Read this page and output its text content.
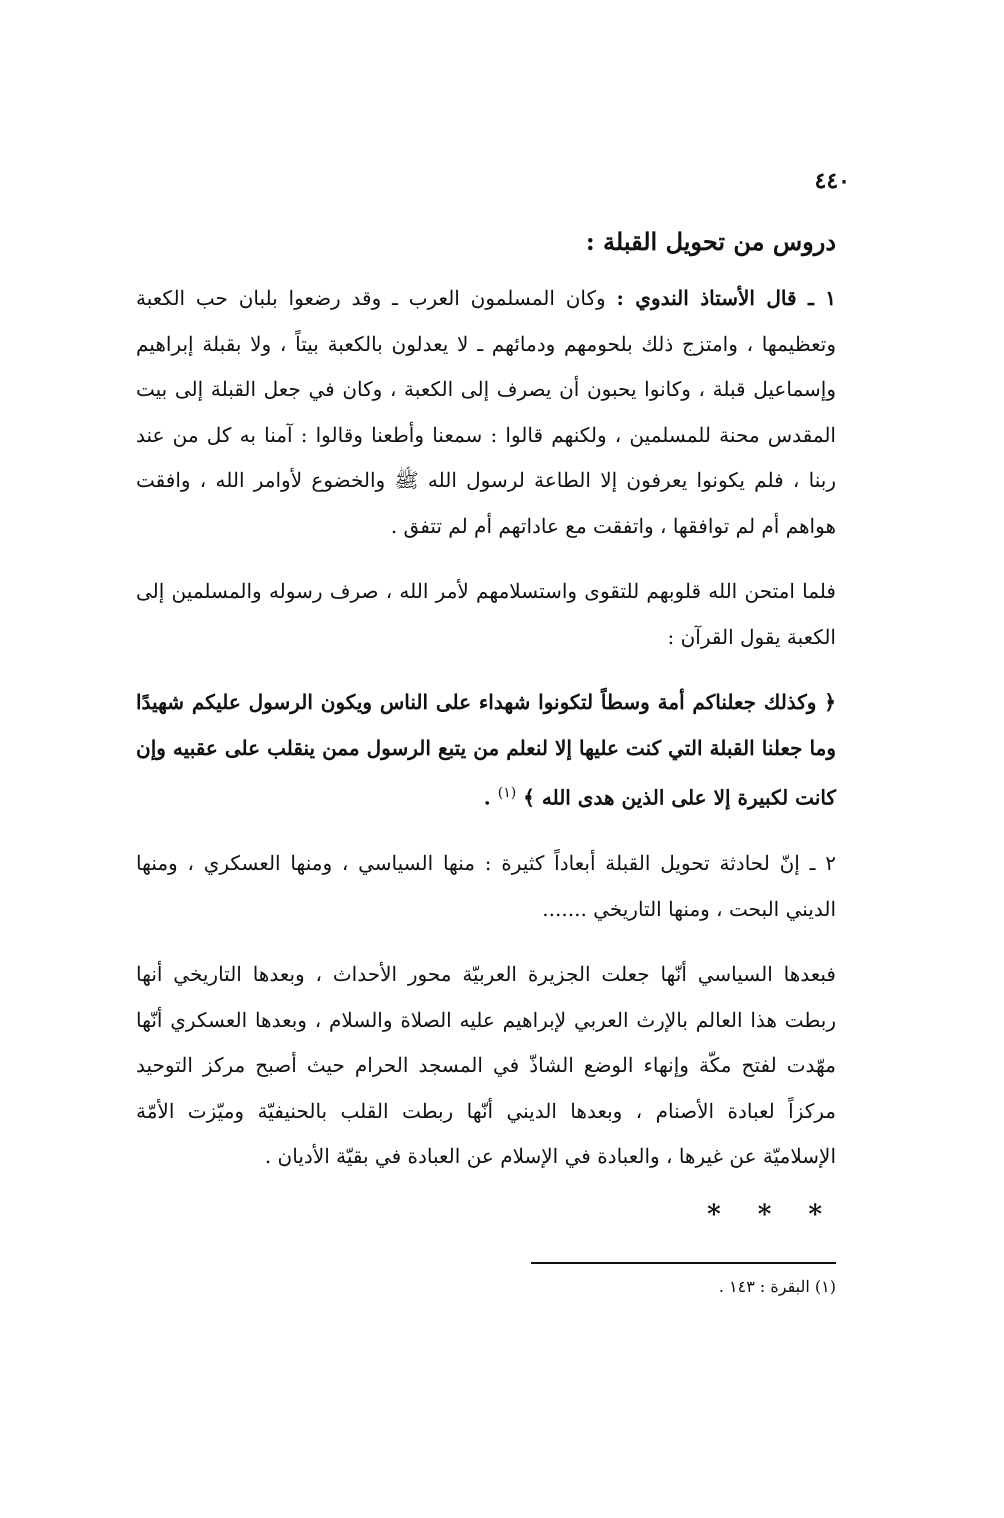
٤٤٠
دروس من تحويل القبلة :

١ ـ قال الأستاذ الندوي : وكان المسلمون العرب ـ وقد رضعوا بلبان حب الكعبة وتعظيمها ، وامتزج ذلك بلحومهم ودمائهم ـ لا يعدلون بالكعبة بيتاً ، ولا بقبلة إبراهيم وإسماعيل قبلة ، وكانوا يحبون أن يصرف إلى الكعبة ، وكان في جعل القبلة إلى بيت المقدس محنة للمسلمين ، ولكنهم قالوا : سمعنا وأطعنا وقالوا : آمنا به كل من عند ربنا ، فلم يكونوا يعرفون إلا الطاعة لرسول الله ﷺ والخضوع لأوامر الله ، وافقت هواهم أم لم توافقها ، واتفقت مع عاداتهم أم لم تتفق .

فلما امتحن الله قلوبهم للتقوى واستسلامهم لأمر الله ، صرف رسوله والمسلمين إلى الكعبة يقول القرآن :

﴿ وكذلك جعلناكم أمة وسطاً لتكونوا شهداء على الناس ويكون الرسول عليكم شهيدًا وما جعلنا القبلة التي كنت عليها إلا لنعلم من يتبع الرسول ممن ينقلب على عقبيه وإن كانت لكبيرة إلا على الذين هدى الله ﴾ $^{(١)}$ .

٢ ـ إنّ لحادثة تحويل القبلة أبعاداً كثيرة : منها السياسي ، ومنها العسكري ، ومنها الديني البحت ، ومنها التاريخي .......

فبعدها السياسي أنّها جعلت الجزيرة العربيّة محور الأحداث ، وبعدها التاريخي أنها ربطت هذا العالم بالإرث العربي لإبراهيم عليه الصلاة والسلام ، وبعدها العسكري أنّها مهّدت لفتح مكّة وإنهاء الوضع الشاذّ في المسجد الحرام حيث أصبح مركز التوحيد مركزاً لعبادة الأصنام ، وبعدها الديني أنّها ربطت القلب بالحنيفيّة وميّزت الأمّة الإسلاميّة عن غيرها ، والعبادة في الإسلام عن العبادة في بقيّة الأديان .

* * *
(١) البقرة : ١٤٣ .
